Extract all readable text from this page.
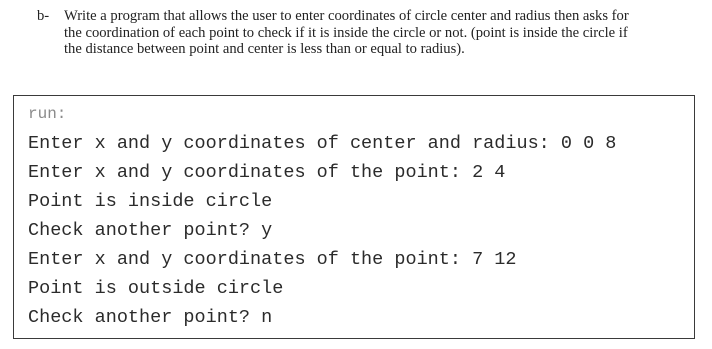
b-	Write a program that allows the user to enter coordinates of circle center and radius then asks for
the coordination of each point to check if it is inside the circle or not. (point is inside the circle if
the distance between point and center is less than or equal to radius).
run:
Enter x and y coordinates of center and radius: 0 0 8
Enter x and y coordinates of the point: 2 4
Point is inside circle
Check another point? y
Enter x and y coordinates of the point: 7 12
Point is outside circle
Check another point? n
